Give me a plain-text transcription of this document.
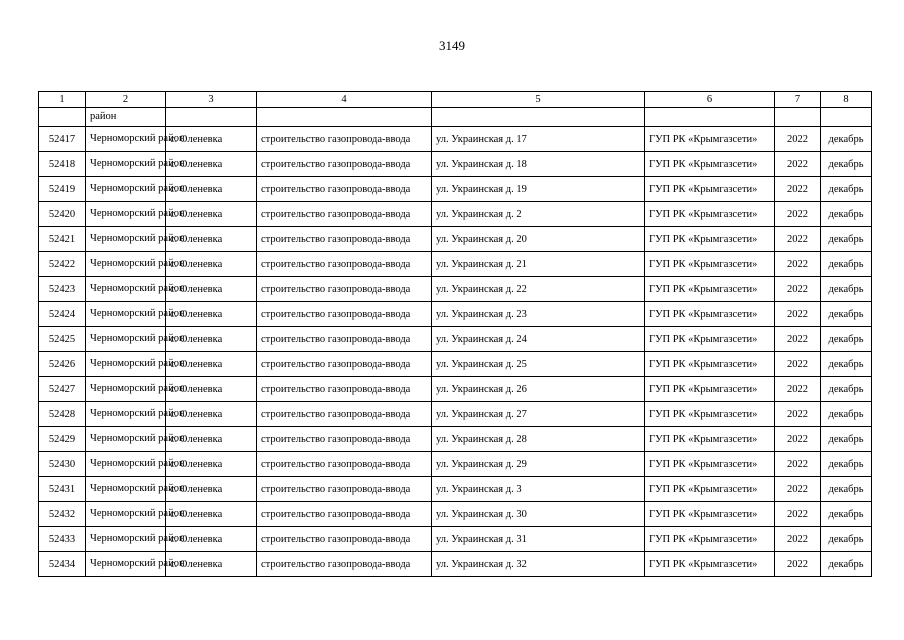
3149
1	2	3	4	5	6	7	8
	район						
52417	Черноморский район	с. Оленевка	строительство газопровода-ввода	ул. Украинская д. 17	ГУП РК «Крымгазсети»	2022	декабрь
52418	Черноморский район	с. Оленевка	строительство газопровода-ввода	ул. Украинская д. 18	ГУП РК «Крымгазсети»	2022	декабрь
52419	Черноморский район	с. Оленевка	строительство газопровода-ввода	ул. Украинская д. 19	ГУП РК «Крымгазсети»	2022	декабрь
52420	Черноморский район	с. Оленевка	строительство газопровода-ввода	ул. Украинская д. 2	ГУП РК «Крымгазсети»	2022	декабрь
52421	Черноморский район	с. Оленевка	строительство газопровода-ввода	ул. Украинская д. 20	ГУП РК «Крымгазсети»	2022	декабрь
52422	Черноморский район	с. Оленевка	строительство газопровода-ввода	ул. Украинская д. 21	ГУП РК «Крымгазсети»	2022	декабрь
52423	Черноморский район	с. Оленевка	строительство газопровода-ввода	ул. Украинская д. 22	ГУП РК «Крымгазсети»	2022	декабрь
52424	Черноморский район	с. Оленевка	строительство газопровода-ввода	ул. Украинская д. 23	ГУП РК «Крымгазсети»	2022	декабрь
52425	Черноморский район	с. Оленевка	строительство газопровода-ввода	ул. Украинская д. 24	ГУП РК «Крымгазсети»	2022	декабрь
52426	Черноморский район	с. Оленевка	строительство газопровода-ввода	ул. Украинская д. 25	ГУП РК «Крымгазсети»	2022	декабрь
52427	Черноморский район	с. Оленевка	строительство газопровода-ввода	ул. Украинская д. 26	ГУП РК «Крымгазсети»	2022	декабрь
52428	Черноморский район	с. Оленевка	строительство газопровода-ввода	ул. Украинская д. 27	ГУП РК «Крымгазсети»	2022	декабрь
52429	Черноморский район	с. Оленевка	строительство газопровода-ввода	ул. Украинская д. 28	ГУП РК «Крымгазсети»	2022	декабрь
52430	Черноморский район	с. Оленевка	строительство газопровода-ввода	ул. Украинская д. 29	ГУП РК «Крымгазсети»	2022	декабрь
52431	Черноморский район	с. Оленевка	строительство газопровода-ввода	ул. Украинская д. 3	ГУП РК «Крымгазсети»	2022	декабрь
52432	Черноморский район	с. Оленевка	строительство газопровода-ввода	ул. Украинская д. 30	ГУП РК «Крымгазсети»	2022	декабрь
52433	Черноморский район	с. Оленевка	строительство газопровода-ввода	ул. Украинская д. 31	ГУП РК «Крымгазсети»	2022	декабрь
52434	Черноморский район	с. Оленевка	строительство газопровода-ввода	ул. Украинская д. 32	ГУП РК «Крымгазсети»	2022	декабрь
